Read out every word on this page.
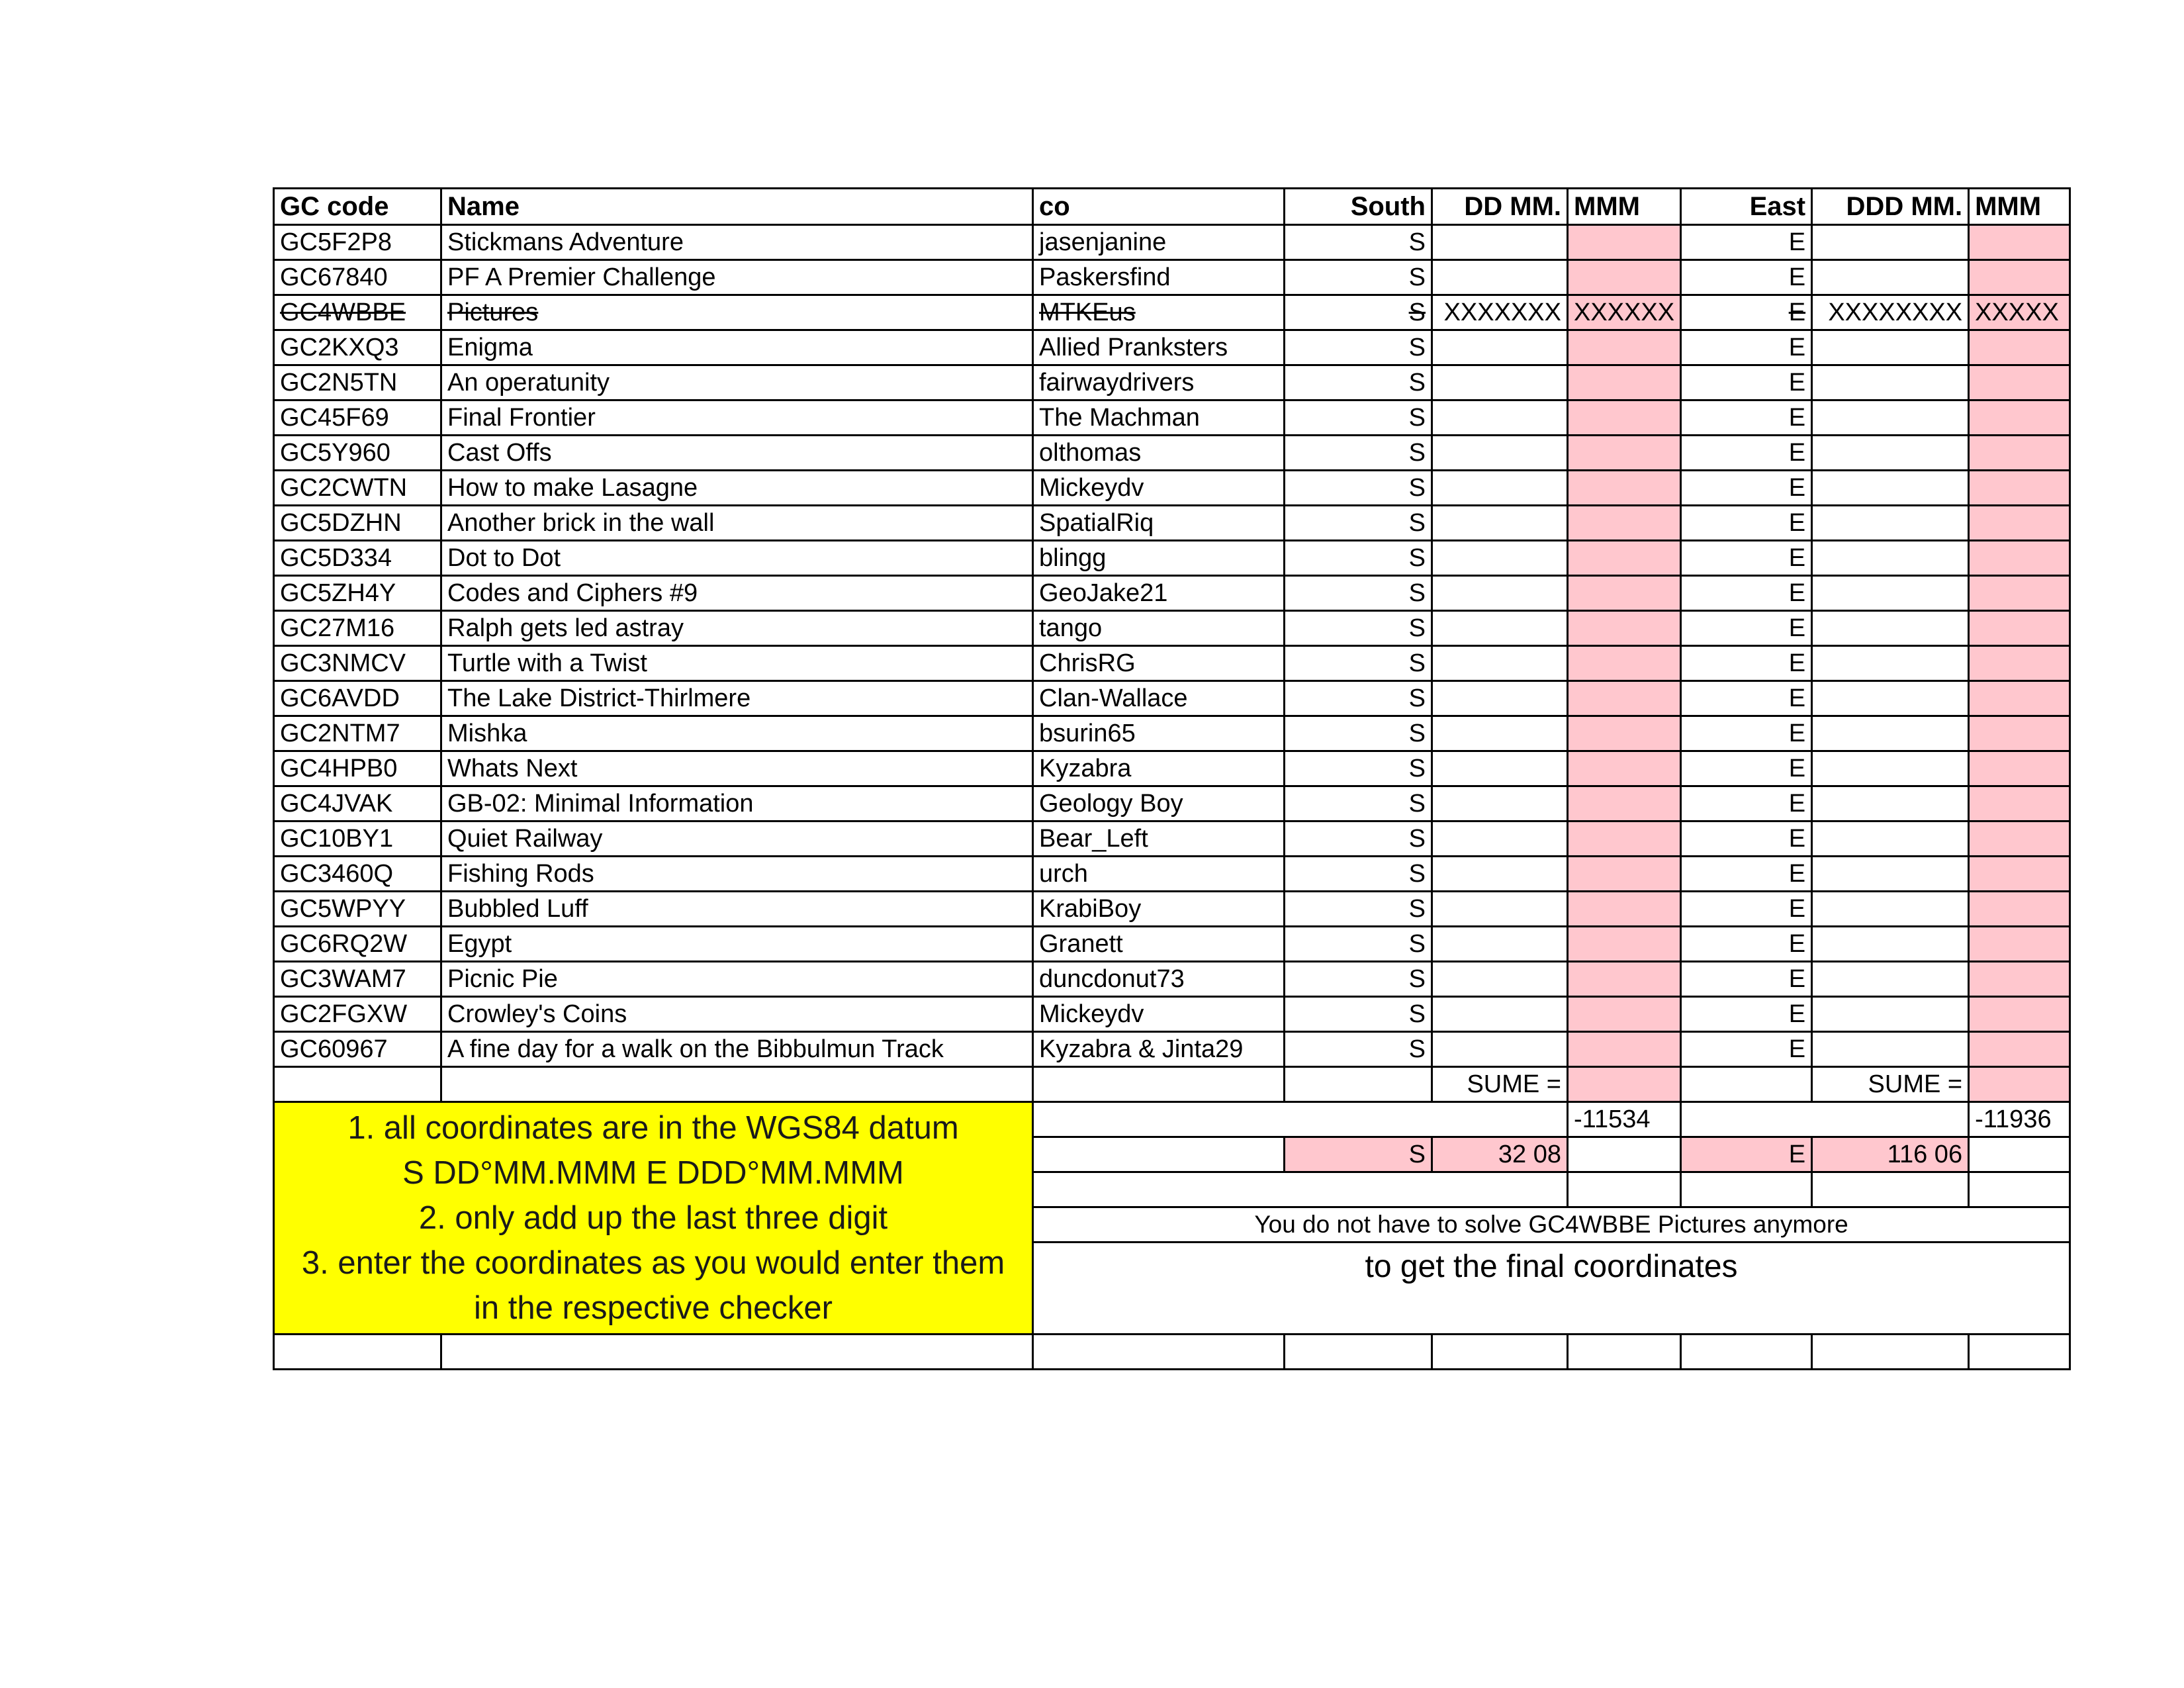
GC code	Name	co	South	DD MM.	MMM	East	DDD MM.	MMM
GC5F2P8	Stickmans Adventure	jasenjanine	S			E		
GC67840	PF A Premier Challenge	Paskersfind	S			E		
GC4WBBE	Pictures	MTKEus	S	XXXXXXX	XXXXXX	E	XXXXXXXX	XXXXX
GC2KXQ3	Enigma	Allied Pranksters	S			E		
GC2N5TN	An operatunity	fairwaydrivers	S			E		
GC45F69	Final Frontier	The Machman	S			E		
GC5Y960	Cast Offs	olthomas	S			E		
GC2CWTN	How to make Lasagne	Mickeydv	S			E		
GC5DZHN	Another brick in the wall	SpatialRiq	S			E		
GC5D334	Dot to Dot	blingg	S			E		
GC5ZH4Y	Codes and Ciphers #9	GeoJake21	S			E		
GC27M16	Ralph gets led astray	tango	S			E		
GC3NMCV	Turtle with a Twist	ChrisRG	S			E		
GC6AVDD	The Lake District-Thirlmere	Clan-Wallace	S			E		
GC2NTM7	Mishka	bsurin65	S			E		
GC4HPB0	Whats Next	Kyzabra	S			E		
GC4JVAK	GB-02: Minimal Information	Geology Boy	S			E		
GC10BY1	Quiet Railway	Bear_Left	S			E		
GC3460Q	Fishing Rods	urch	S			E		
GC5WPYY	Bubbled Luff	KrabiBoy	S			E		
GC6RQ2W	Egypt	Granett	S			E		
GC3WAM7	Picnic Pie	duncdonut73	S			E		
GC2FGXW	Crowley's Coins	Mickeydv	S			E		
GC60967	A fine day for a walk on the Bibbulmun Track	Kyzabra & Jinta29	S			E		
				SUME =			SUME =	

1. all coordinates are in the WGS84 datum
S DD°MM.MMM E DDD°MM.MMM
2. only add up the last three digit
3. enter the coordinates as you would enter them
in the respective checker					-11534			-11936
			S	32 08		E	116 06	

		You do not have to solve GC4WBBE Pictures anymore						
		to get the final coordinates						
